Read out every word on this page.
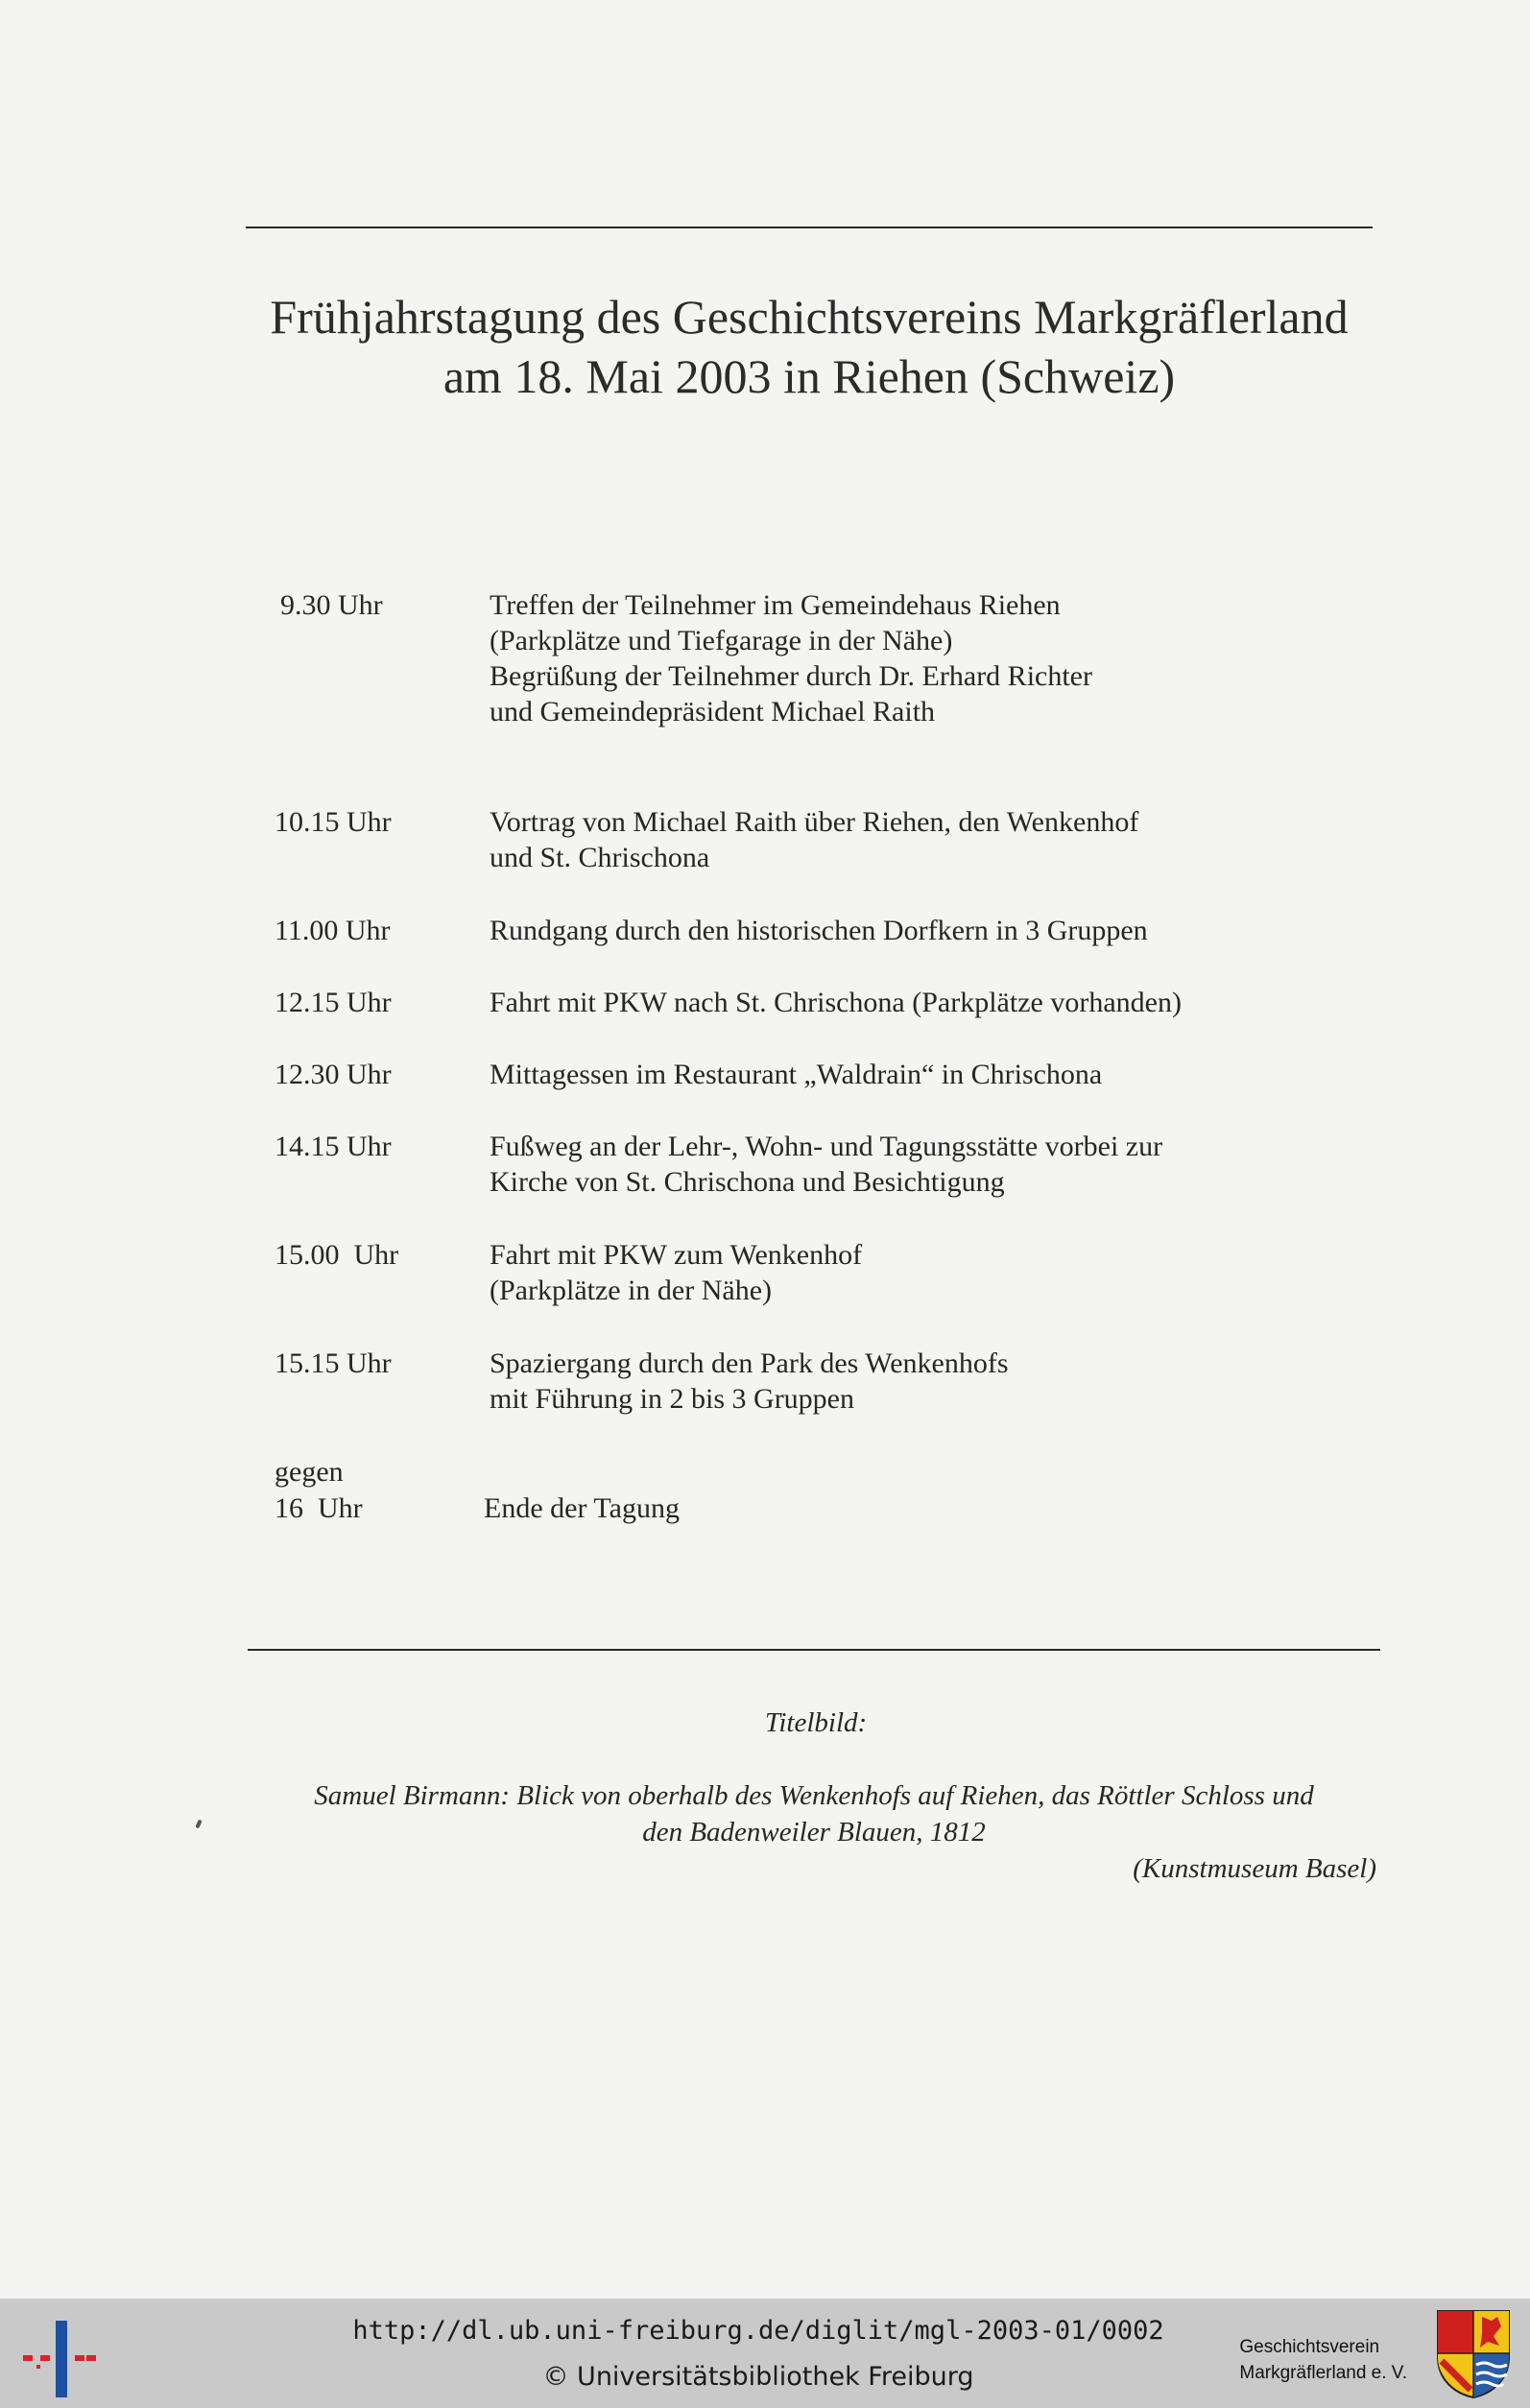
Frühjahrstagung des Geschichtsvereins Markgräflerland
am 18. Mai 2003 in Riehen (Schweiz)
9.30 Uhr	Treffen der Teilnehmer im Gemeindehaus Riehen
(Parkplätze und Tiefgarage in der Nähe)
Begrüßung der Teilnehmer durch Dr. Erhard Richter
und Gemeindepräsident Michael Raith
10.15 Uhr	Vortrag von Michael Raith über Riehen, den Wenkenhof
und St. Chrischona
11.00 Uhr	Rundgang durch den historischen Dorfkern in 3 Gruppen
12.15 Uhr	Fahrt mit PKW nach St. Chrischona (Parkplätze vorhanden)
12.30 Uhr	Mittagessen im Restaurant „Waldrain“ in Chrischona
14.15 Uhr	Fußweg an der Lehr-, Wohn- und Tagungsstätte vorbei zur
Kirche von St. Chrischona und Besichtigung
15.00  Uhr	Fahrt mit PKW zum Wenkenhof
(Parkplätze in der Nähe)
15.15 Uhr	Spaziergang durch den Park des Wenkenhofs
mit Führung in 2 bis 3 Gruppen
gegen
16  Uhr	Ende der Tagung
Titelbild:
Samuel Birmann: Blick von oberhalb des Wenkenhofs auf Riehen, das Röttler Schloss und
den Badenweiler Blauen, 1812
(Kunstmuseum Basel)
http://dl.ub.uni-freiburg.de/diglit/mgl-2003-01/0002
© Universitätsbibliothek Freiburg
Geschichtsverein
Markgräflerland e. V.
